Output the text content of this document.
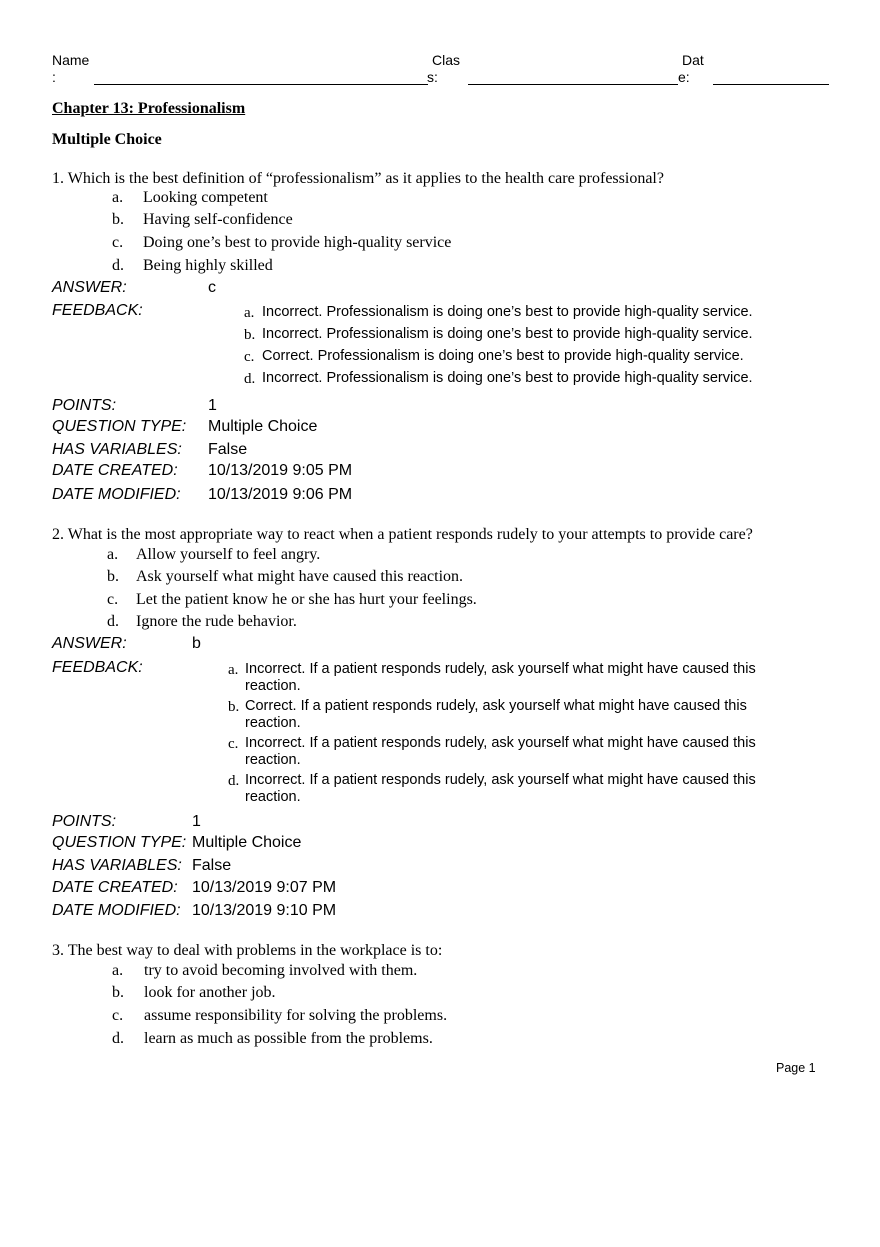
Name
:
Clas
s:
Dat
e:
Chapter 13: Professionalism
Multiple Choice
1. Which is the best definition of “professionalism” as it applies to the health care professional?
a. Looking competent
b. Having self-confidence
c. Doing one’s best to provide high-quality service
d. Being highly skilled
ANSWER:	c
FEEDBACK:	a. Incorrect. Professionalism is doing one’s best to provide high-quality service.
b. Incorrect. Professionalism is doing one’s best to provide high-quality service.
c. Correct. Professionalism is doing one’s best to provide high-quality service.
d. Incorrect. Professionalism is doing one’s best to provide high-quality service.
POINTS:	1
QUESTION TYPE: Multiple Choice
HAS VARIABLES: False
DATE CREATED: 10/13/2019 9:05 PM
DATE MODIFIED: 10/13/2019 9:06 PM
2. What is the most appropriate way to react when a patient responds rudely to your attempts to provide care?
a. Allow yourself to feel angry.
b. Ask yourself what might have caused this reaction.
c. Let the patient know he or she has hurt your feelings.
d. Ignore the rude behavior.
ANSWER:	b
FEEDBACK:	a. Incorrect. If a patient responds rudely, ask yourself what might have caused this reaction.
b. Correct. If a patient responds rudely, ask yourself what might have caused this reaction.
c. Incorrect. If a patient responds rudely, ask yourself what might have caused this reaction.
d. Incorrect. If a patient responds rudely, ask yourself what might have caused this reaction.
POINTS:	1
QUESTION TYPE: Multiple Choice
HAS VARIABLES: False
DATE CREATED: 10/13/2019 9:07 PM
DATE MODIFIED: 10/13/2019 9:10 PM
3. The best way to deal with problems in the workplace is to:
a. try to avoid becoming involved with them.
b. look for another job.
c. assume responsibility for solving the problems.
d. learn as much as possible from the problems.
Page 1
